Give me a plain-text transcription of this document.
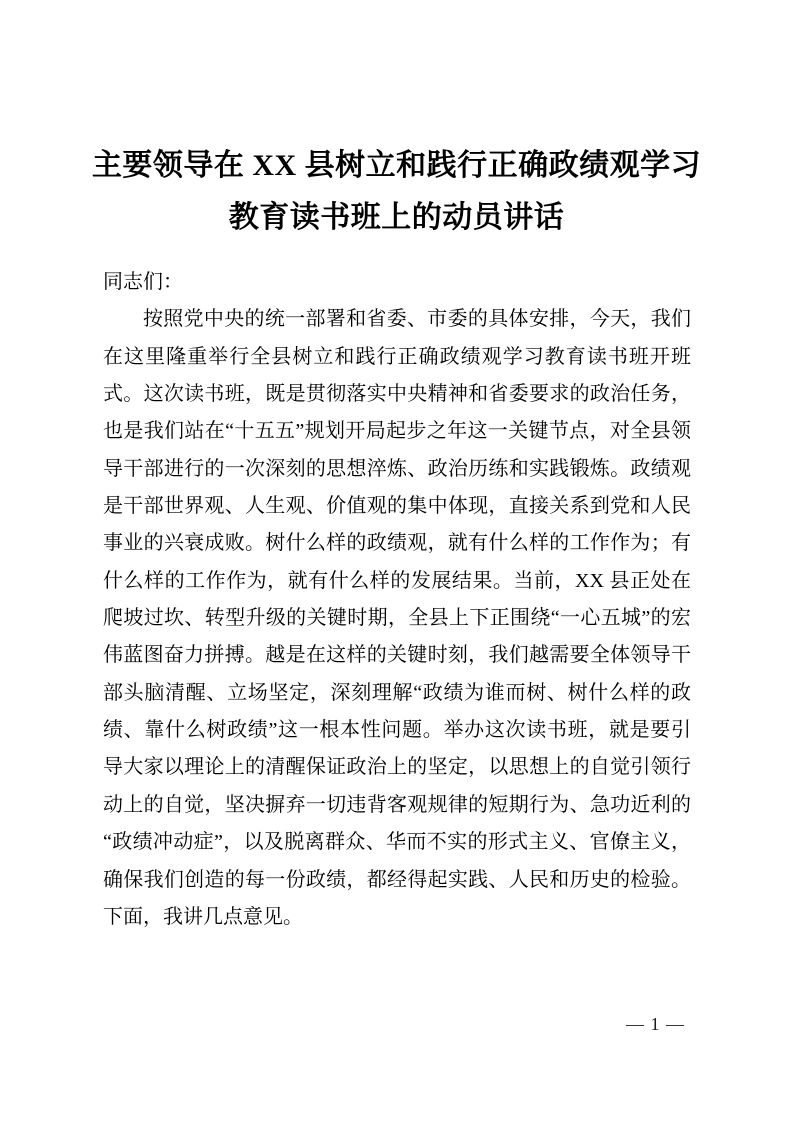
主要领导在 XX 县树立和践行正确政绩观学习
教育读书班上的动员讲话
同志们：
按照党中央的统一部署和省委、市委的具体安排，今天，我们
在这里隆重举行全县树立和践行正确政绩观学习教育读书班开班
式。这次读书班，既是贯彻落实中央精神和省委要求的政治任务，
也是我们站在“十五五”规划开局起步之年这一关键节点，对全县领
导干部进行的一次深刻的思想淬炼、政治历练和实践锻炼。政绩观
是干部世界观、人生观、价值观的集中体现，直接关系到党和人民
事业的兴衰成败。树什么样的政绩观，就有什么样的工作作为；有
什么样的工作作为，就有什么样的发展结果。当前，XX 县正处在
爬坡过坎、转型升级的关键时期，全县上下正围绕“一心五城”的宏
伟蓝图奋力拼搏。越是在这样的关键时刻，我们越需要全体领导干
部头脑清醒、立场坚定，深刻理解“政绩为谁而树、树什么样的政
绩、靠什么树政绩”这一根本性问题。举办这次读书班，就是要引
导大家以理论上的清醒保证政治上的坚定，以思想上的自觉引领行
动上的自觉，坚决摒弃一切违背客观规律的短期行为、急功近利的
“政绩冲动症”，以及脱离群众、华而不实的形式主义、官僚主义，
确保我们创造的每一份政绩，都经得起实践、人民和历史的检验。
下面，我讲几点意见。
— 1 —
